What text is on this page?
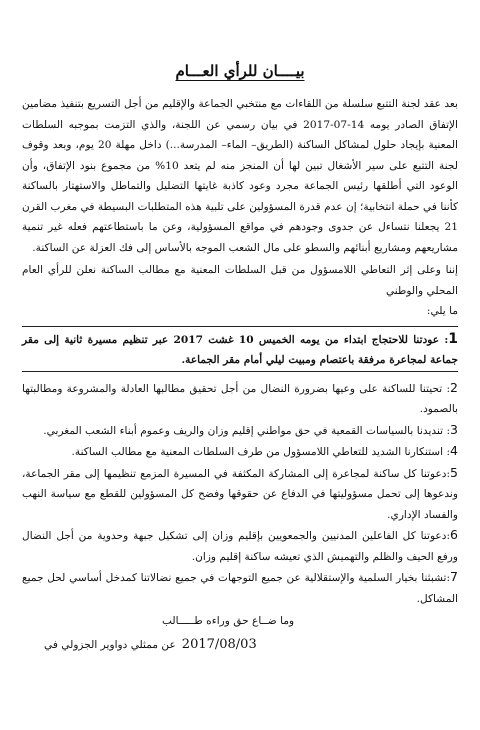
بيــــان للرأي العـــام

بعد عقد لجنة التتبع سلسلة من اللقاءات مع منتخبي الجماعة والإقليم من أجل التسريع بتنفيذ مضامين الإتفاق الصادر يومه 14-07-2017 في بيان رسمي عن اللجنة، والذي التزمت بموجبه السلطات المعنية بإيجاد حلول لمشاكل الساكنة (الطريق– الماء– المدرسة...) داخل مهلة 20 يوم، وبعد وقوف لجنة التتبع على سير الأشغال تبين لها أن المنجز منه لم يتعد 10% من مجموع بنود الإتفاق، وأن الوعود التي أطلقها رئيس الجماعة مجرد وعود كاذبة غايتها التضليل والتماطل والاستهتار بالساكنة كأننا في حملة انتخابية؛ إن عدم قدرة المسؤولين على تلبية هذه المتطلبات البسيطة في مغرب القرن 21 يجعلنا نتساءل عن جدوى وجودهم في مواقع المسؤولية، وعن ما باستطاعتهم فعله غير تنمية مشاريعهم ومشاريع أبنائهم والسطو على مال الشعب الموجه بالأساس إلى فك العزلة عن الساكنة.

إننا وعلى إثر التعاطي اللامسؤول من قبل السلطات المعنية مع مطالب الساكنة نعلن للرأي العام المحلي والوطني

ما يلي:

1: عودتنا للاحتجاج ابتداء من يومه الخميس 10 غشت 2017 عبر تنظيم مسيرة ثانية إلى مقر جماعة لمجاعرة مرفقة باعتصام ومبيت ليلي أمام مقر الجماعة.
2: تحيتنا للساكنة على وعيها بضرورة النضال من أجل تحقيق مطالبها العادلة والمشروعة ومطالبتها بالصمود.
3: تنديدنا بالسياسات القمعية في حق مواطني إقليم وزان والريف وعموم أبناء الشعب المغربي.
4: استنكارنا الشديد للتعاطي اللامسؤول من طرف السلطات المعنية مع مطالب الساكنة.
5:دعوتنا كل ساكنة لمجاعرة إلى المشاركة المكثفة في المسيرة المزمع تنظيمها إلى مقر الجماعة، وندعوها إلى تحمل مسؤوليتها في الدفاع عن حقوقها وفضح كل المسؤولين للقطع مع سياسة النهب والفساد الإداري.
6:دعوتنا كل الفاعلين المدنيين والجمعويين بإقليم وزان إلى تشكيل جبهة وحدوية من أجل النضال ورفع الحيف والظلم والتهميش الذي تعيشه ساكنة إقليم وزان.
7:تشبثنا بخيار السلمية والإستقلالية عن جميع التوجهات في جميع نضالاتنا كمدخل أساسي لحل جميع المشاكل.
وما ضــاع حق وراءه طـــــالب
عن ممثلي دواوير الجزولي في 2017/08/03
